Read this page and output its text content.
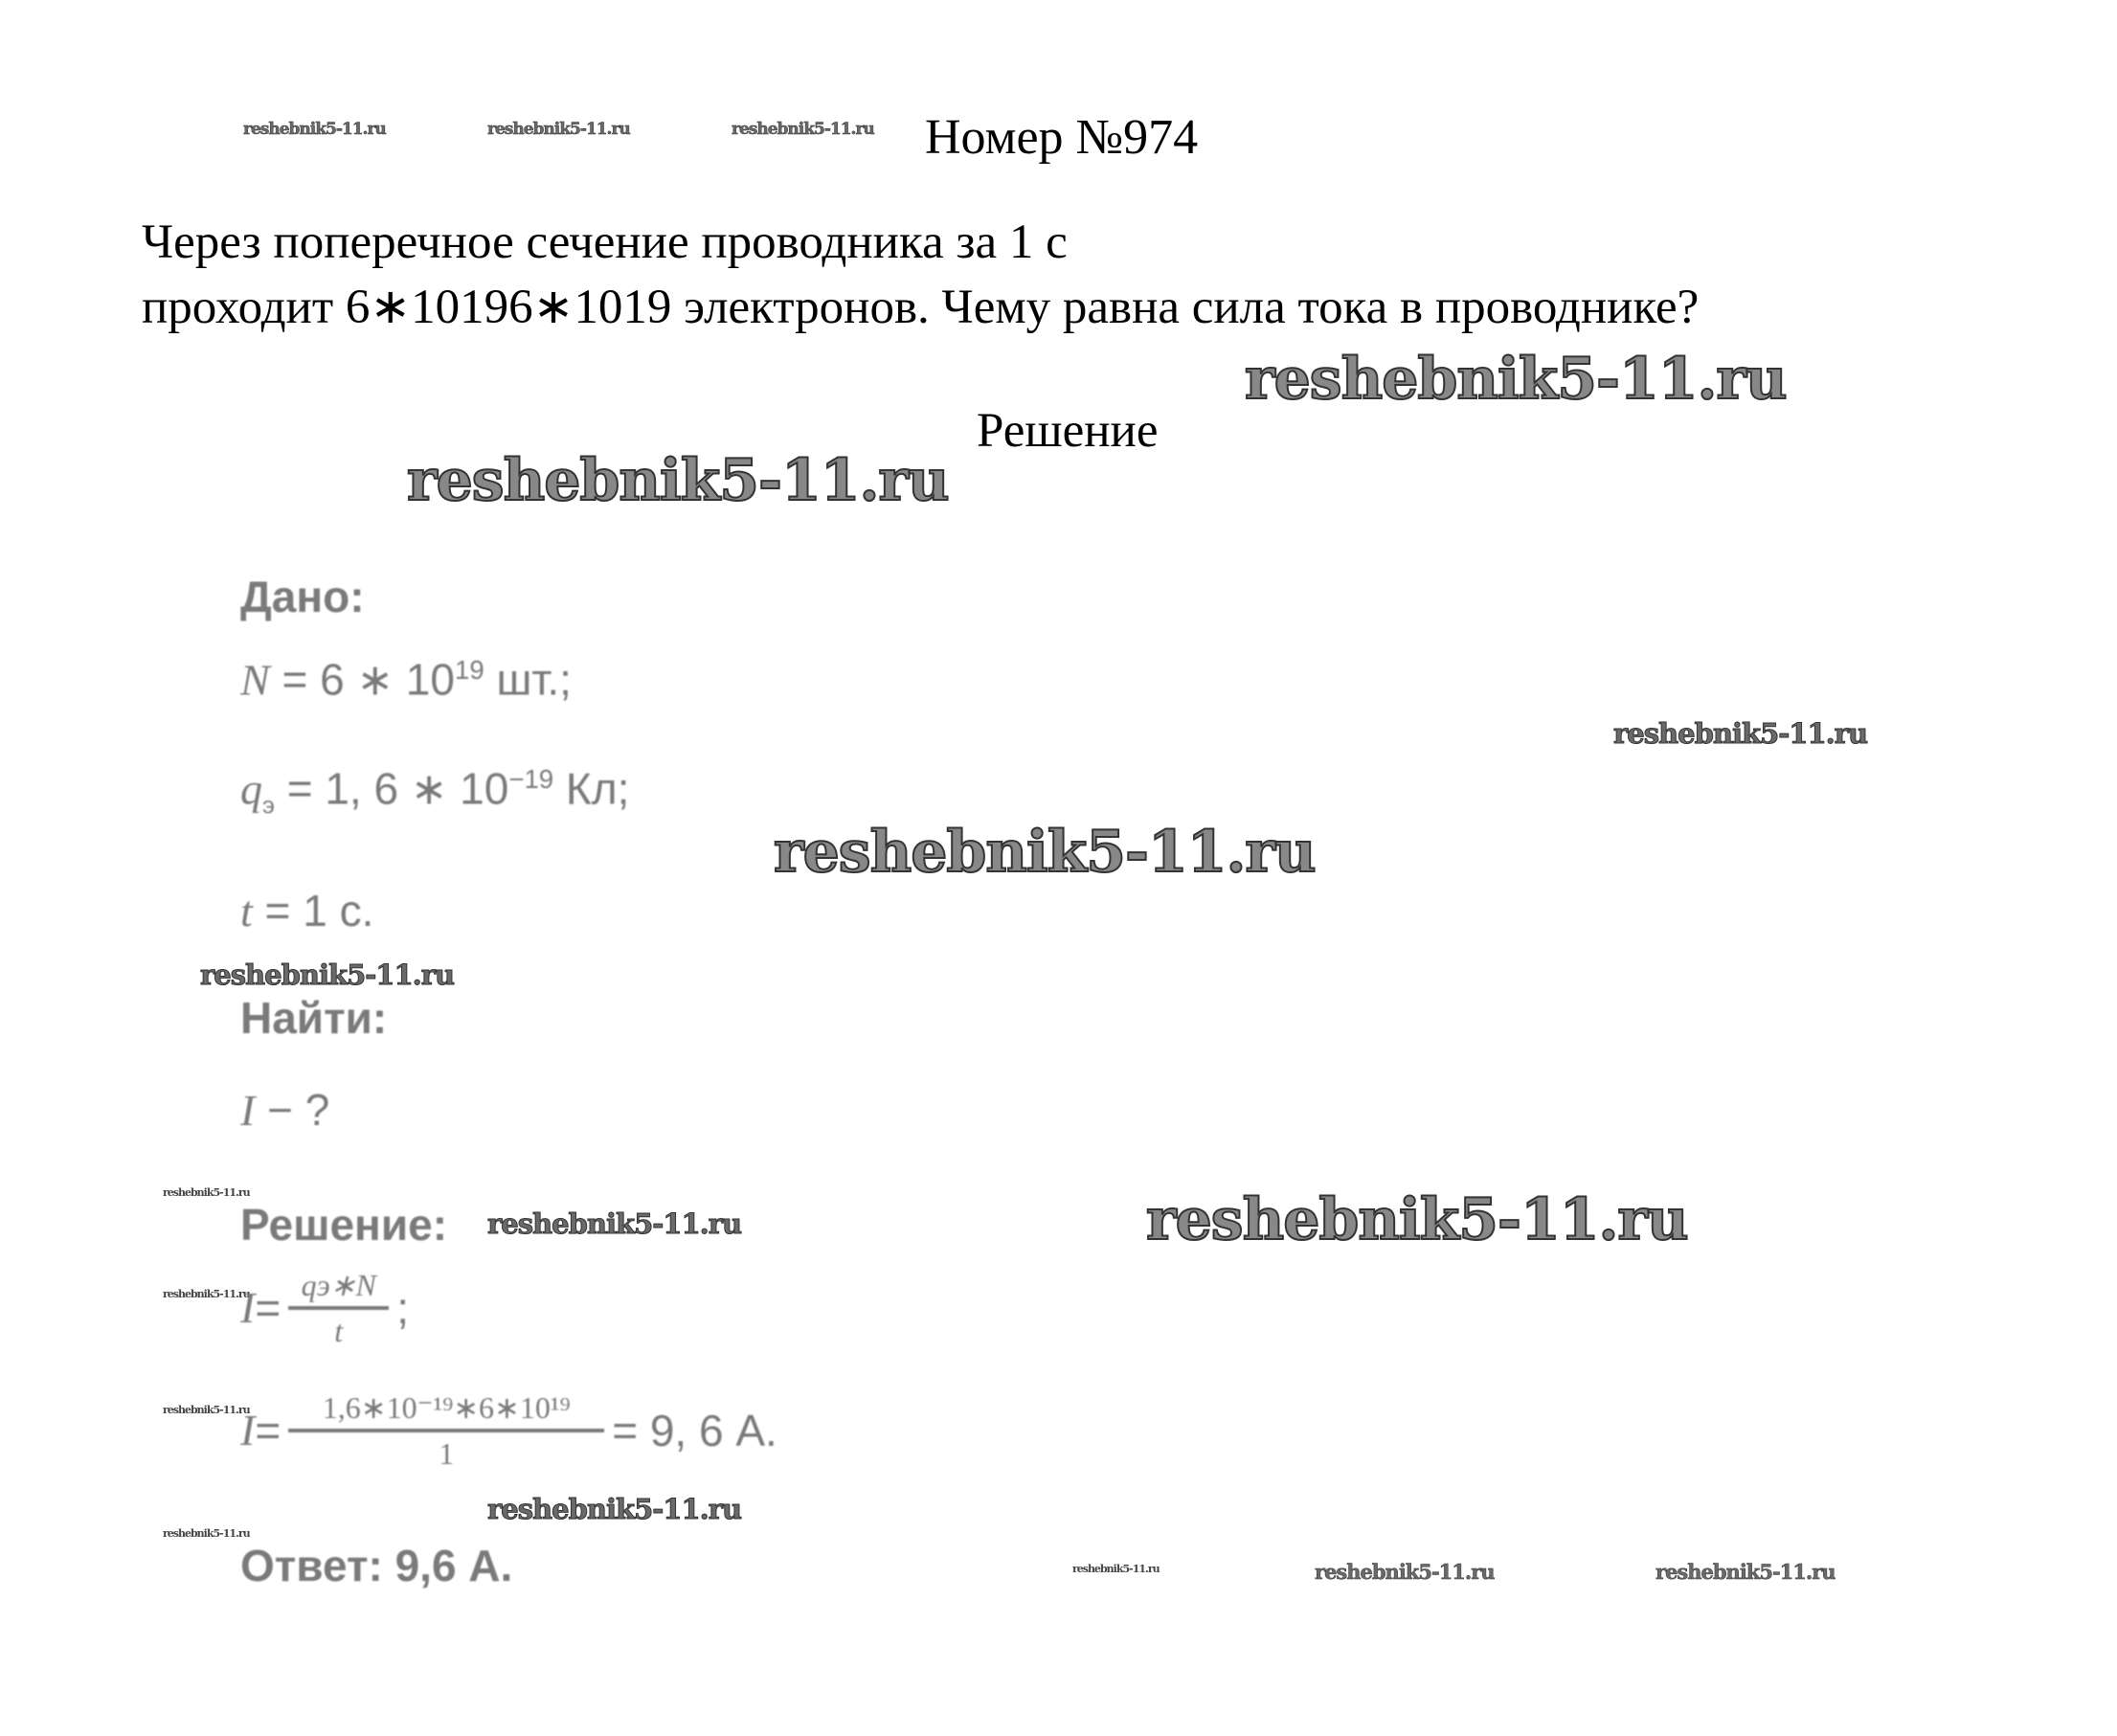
reshebnik5-11.ru	reshebnik5-11.ru	reshebnik5-11.ru Номер №974
Через поперечное сечение проводника за 1 с
проходит 6∗10196∗1019 электронов. Чему равна сила тока в проводнике?
reshebnik5-11.ru
Решение
reshebnik5-11.ru
Дано:
N = 6 ∗ $10^{19}$ шт.;
reshebnik5-11.ru
$q_э = 1$, 6 ∗ $10^{-19}$ Кл;
reshebnik5-11.ru
t = 1 с.
reshebnik5-11.ru
Найти:
I − ?
reshebnik5-11.ru
Решение: reshebnik5-11.ru	reshebnik5-11.ru
reshebnik5-11.ru
$I = \frac{qэ∗N}{t}$ ;
reshebnik5-11.ru
$I = \frac{\text{1,6∗10⁻¹⁹∗6∗10¹⁹}}{1} = 9$, 6 А.
reshebnik5-11.ru
reshebnik5-11.ru
Ответ: 9,6 А.	reshebnik5-11.ru	reshebnik5-11.ru	reshebnik5-11.ru
